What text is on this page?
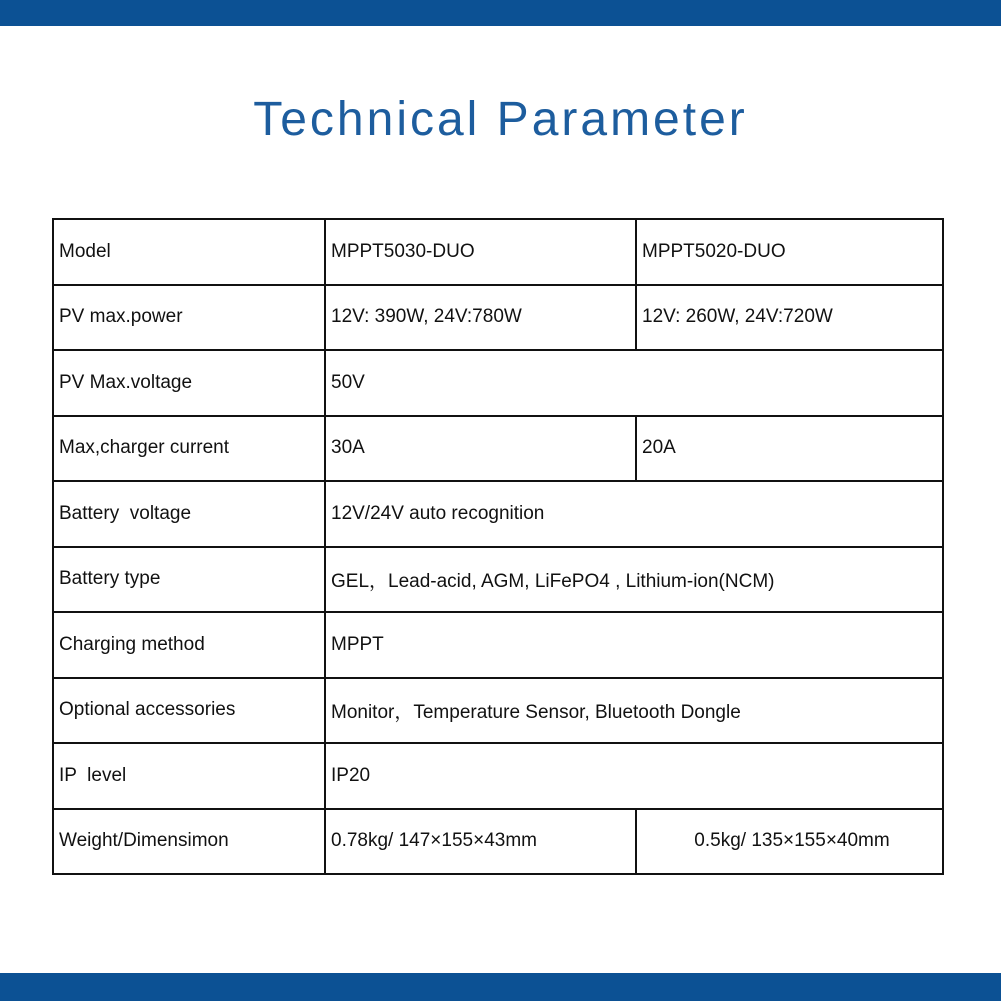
Technical Parameter
Model	MPPT5030-DUO	MPPT5020-DUO
PV max.power	12V: 390W, 24V:780W	12V: 260W, 24V:720W
PV Max.voltage	50V	
Max,charger current	30A	20A
Battery  voltage	12V/24V auto recognition	
Battery type	GEL，Lead-acid, AGM, LiFePO4 , Lithium-ion(NCM)	
Charging method	MPPT	
Optional accessories	Monitor，Temperature Sensor, Bluetooth Dongle	
IP  level	IP20	
Weight/Dimensimon	0.78kg/ 147×155×43mm	0.5kg/ 135×155×40mm
